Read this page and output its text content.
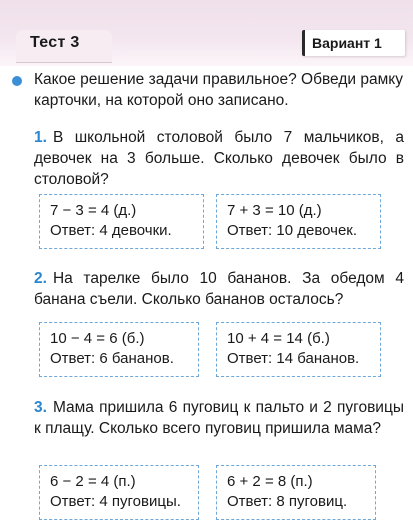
Тест 3	Вариант 1

Какое решение задачи правильное? Обведи рамку карточки, на которой оно записано.

1. В школьной столовой было 7 мальчиков, а девочек на 3 больше. Сколько девочек было в столовой?

7 − 3 = 4 (д.)
Ответ: 4 девочки.
7 + 3 = 10 (д.)
Ответ: 10 девочек.

2. На тарелке было 10 бананов. За обедом 4 банана съели. Сколько бананов осталось?

10 − 4 = 6 (б.)
Ответ: 6 бананов.
10 + 4 = 14 (б.)
Ответ: 14 бананов.

3. Мама пришила 6 пуговиц к пальто и 2 пуговицы к плащу. Сколько всего пуговиц пришила мама?

6 − 2 = 4 (п.)
Ответ: 4 пуговицы.
6 + 2 = 8 (п.)
Ответ: 8 пуговиц.
